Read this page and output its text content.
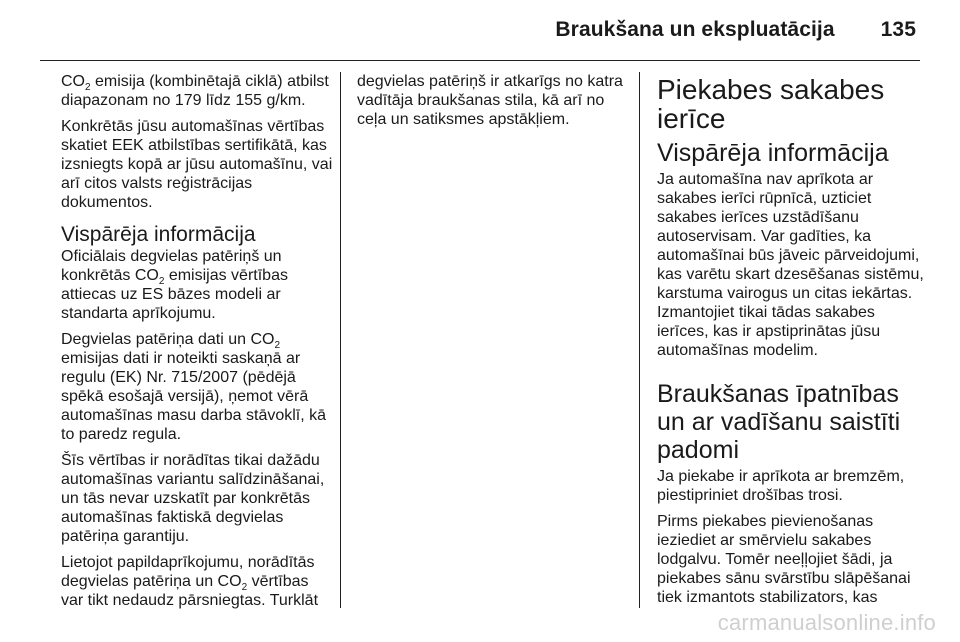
Braukšana un ekspluatācija 135

$CO_2$ emisija (kombinētajā ciklā) atbilst diapazonam no 179 līdz 155 g/km.

Konkrētās jūsu automašīnas vērtības skatiet EEK atbilstības sertifikātā, kas izsniegts kopā ar jūsu automašīnu, vai arī citos valsts reģistrācijas dokumentos.

Vispārēja informācija

Oficiālais degvielas patēriņš un konkrētās $CO_2$ emisijas vērtības attiecas uz ES bāzes modeli ar standarta aprīkojumu.

Degvielas patēriņa dati un $CO_2$ emisijas dati ir noteikti saskaņā ar regulu (EK) Nr. 715/2007 (pēdējā spēkā esošajā versijā), ņemot vērā automašīnas masu darba stāvoklī, kā to paredz regula.

Šīs vērtības ir norādītas tikai dažādu automašīnas variantu salīdzināšanai, un tās nevar uzskatīt par konkrētās automašīnas faktiskā degvielas patēriņa garantiju.

Lietojot papildaprīkojumu, norādītās degvielas patēriņa un $CO_2$ vērtības var tikt nedaudz pārsniegtas. Turklāt

degvielas patēriņš ir atkarīgs no katra vadītāja braukšanas stila, kā arī no ceļa un satiksmes apstākļiem.

Piekabes sakabes ierīce
Vispārēja informācija

Ja automašīna nav aprīkota ar sakabes ierīci rūpnīcā, uzticiet sakabes ierīces uzstādīšanu autoservisam. Var gadīties, ka automašīnai būs jāveic pārveidojumi, kas varētu skart dzesēšanas sistēmu, karstuma vairogus un citas iekārtas. Izmantojiet tikai tādas sakabes ierīces, kas ir apstiprinātas jūsu automašīnas modelim.

Braukšanas īpatnības un ar vadīšanu saistīti padomi

Ja piekabe ir aprīkota ar bremzēm, piestipriniet drošības trosi.

Pirms piekabes pievienošanas ieziediet ar smērvielu sakabes lodgalvu. Tomēr neeļļojiet šādi, ja piekabes sānu svārstību slāpēšanai tiek izmantots stabilizators, kas

carmanualsonline.info
